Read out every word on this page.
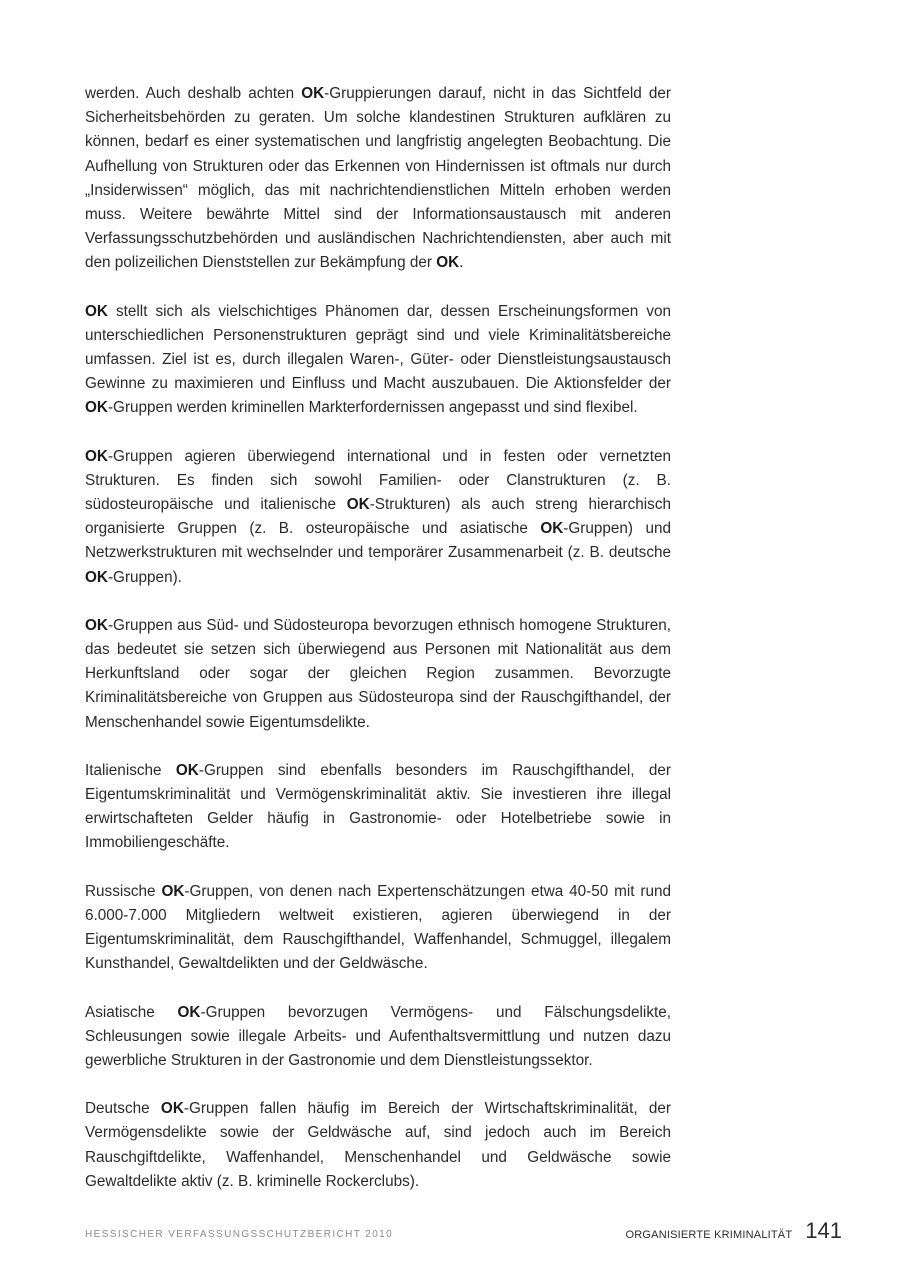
werden. Auch deshalb achten OK-Gruppierungen darauf, nicht in das Sichtfeld der Sicherheitsbehörden zu geraten. Um solche klandestinen Strukturen aufklären zu können, bedarf es einer systematischen und langfristig angelegten Beobachtung. Die Aufhellung von Strukturen oder das Erkennen von Hindernissen ist oftmals nur durch „Insiderwissen“ möglich, das mit nachrichtendienstlichen Mitteln erhoben werden muss. Weitere bewährte Mittel sind der Informationsaustausch mit anderen Verfassungsschutzbehörden und ausländischen Nachrichtendiensten, aber auch mit den polizeilichen Dienststellen zur Bekämpfung der OK.

OK stellt sich als vielschichtiges Phänomen dar, dessen Erscheinungsformen von unterschiedlichen Personenstrukturen geprägt sind und viele Kriminalitätsbereiche umfassen. Ziel ist es, durch illegalen Waren-, Güter- oder Dienstleistungsaustausch Gewinne zu maximieren und Einfluss und Macht auszubauen. Die Aktionsfelder der OK-Gruppen werden kriminellen Markterfordernissen angepasst und sind flexibel.

OK-Gruppen agieren überwiegend international und in festen oder vernetzten Strukturen. Es finden sich sowohl Familien- oder Clanstrukturen (z. B. südosteuropäische und italienische OK-Strukturen) als auch streng hierarchisch organisierte Gruppen (z. B. osteuropäische und asiatische OK-Gruppen) und Netzwerkstrukturen mit wechselnder und temporärer Zusammenarbeit (z. B. deutsche OK-Gruppen).

OK-Gruppen aus Süd- und Südosteuropa bevorzugen ethnisch homogene Strukturen, das bedeutet sie setzen sich überwiegend aus Personen mit Nationalität aus dem Herkunftsland oder sogar der gleichen Region zusammen. Bevorzugte Kriminalitätsbereiche von Gruppen aus Südosteuropa sind der Rauschgifthandel, der Menschenhandel sowie Eigentumsdelikte.

Italienische OK-Gruppen sind ebenfalls besonders im Rauschgifthandel, der Eigentumskriminalität und Vermögenskriminalität aktiv. Sie investieren ihre illegal erwirtschafteten Gelder häufig in Gastronomie- oder Hotelbetriebe sowie in Immobiliengeschäfte.

Russische OK-Gruppen, von denen nach Expertenschätzungen etwa 40-50 mit rund 6.000-7.000 Mitgliedern weltweit existieren, agieren überwiegend in der Eigentumskriminalität, dem Rauschgifthandel, Waffenhandel, Schmuggel, illegalem Kunsthandel, Gewaltdelikten und der Geldwäsche.

Asiatische OK-Gruppen bevorzugen Vermögens- und Fälschungsdelikte, Schleusungen sowie illegale Arbeits- und Aufenthaltsvermittlung und nutzen dazu gewerbliche Strukturen in der Gastronomie und dem Dienstleistungssektor.

Deutsche OK-Gruppen fallen häufig im Bereich der Wirtschaftskriminalität, der Vermögensdelikte sowie der Geldwäsche auf, sind jedoch auch im Bereich Rauschgiftdelikte, Waffenhandel, Menschenhandel und Geldwäsche sowie Gewaltdelikte aktiv (z. B. kriminelle Rockerclubs).

HESSISCHER VERFASSUNGSSCHUTZBERICHT 2010	ORGANISIERTE KRIMINALITÄT 141
